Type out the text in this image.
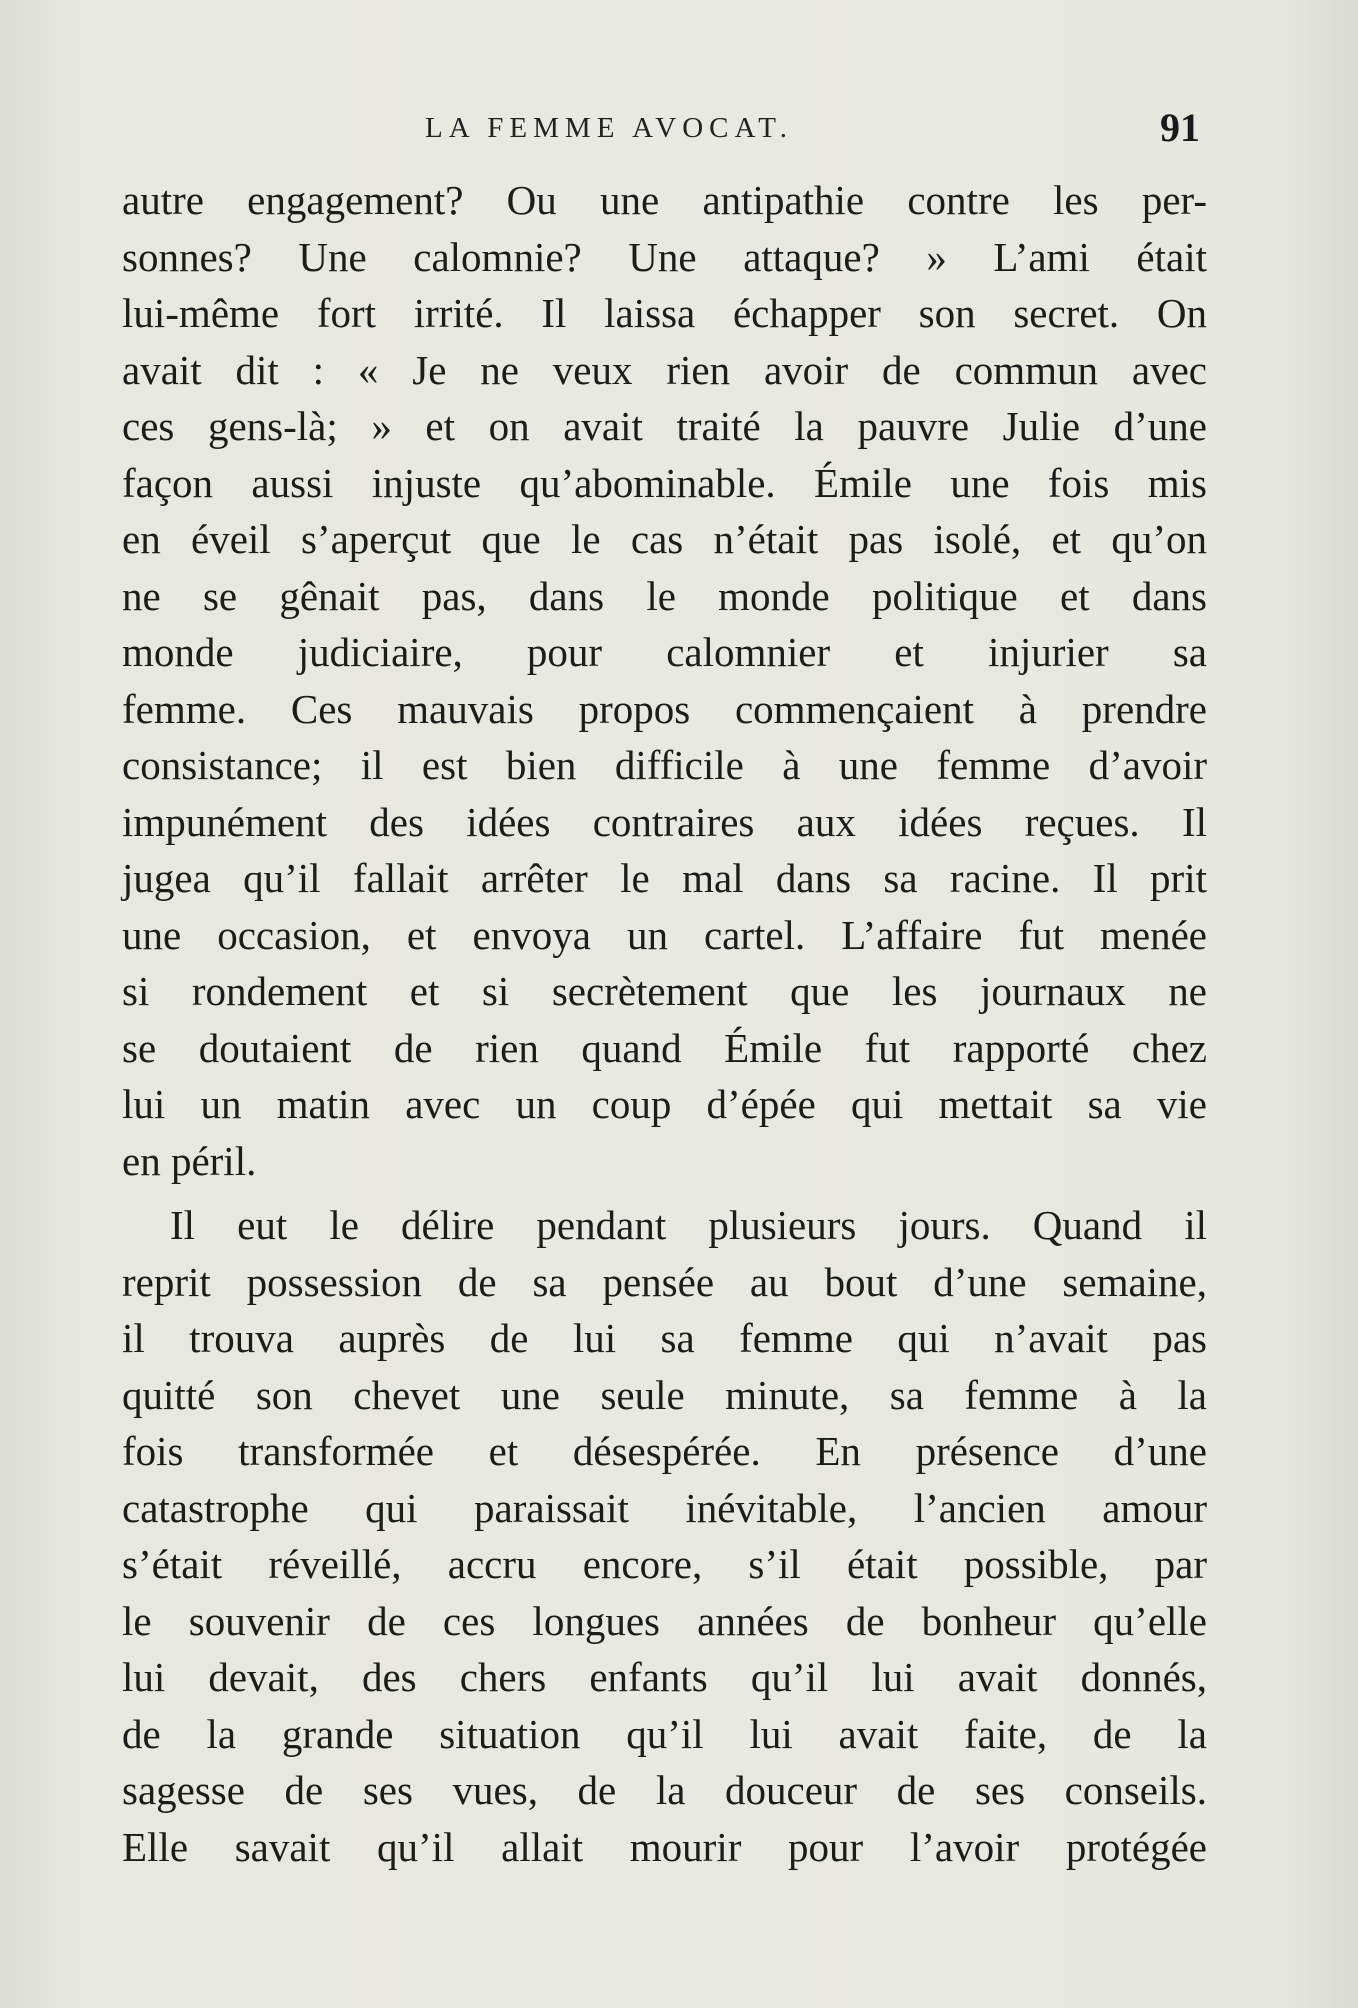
LA FEMME AVOCAT.	91
autre engagement? Ou une antipathie contre les per-
sonnes? Une calomnie? Une attaque? » L’ami était
lui-même fort irrité. Il laissa échapper son secret. On
avait dit : « Je ne veux rien avoir de commun avec
ces gens-là; » et on avait traité la pauvre Julie d’une
façon aussi injuste qu’abominable. Émile une fois mis
en éveil s’aperçut que le cas n’était pas isolé, et qu’on
ne se gênait pas, dans le monde politique et dans
monde judiciaire, pour calomnier et injurier sa
femme. Ces mauvais propos commençaient à prendre
consistance; il est bien difficile à une femme d’avoir
impunément des idées contraires aux idées reçues. Il
jugea qu’il fallait arrêter le mal dans sa racine. Il prit
une occasion, et envoya un cartel. L’affaire fut menée
si rondement et si secrètement que les journaux ne
se doutaient de rien quand Émile fut rapporté chez
lui un matin avec un coup d’épée qui mettait sa vie
en péril.
Il eut le délire pendant plusieurs jours. Quand il
reprit possession de sa pensée au bout d’une semaine,
il trouva auprès de lui sa femme qui n’avait pas
quitté son chevet une seule minute, sa femme à la
fois transformée et désespérée. En présence d’une
catastrophe qui paraissait inévitable, l’ancien amour
s’était réveillé, accru encore, s’il était possible, par
le souvenir de ces longues années de bonheur qu’elle
lui devait, des chers enfants qu’il lui avait donnés,
de la grande situation qu’il lui avait faite, de la
sagesse de ses vues, de la douceur de ses conseils.
Elle savait qu’il allait mourir pour l’avoir protégée
